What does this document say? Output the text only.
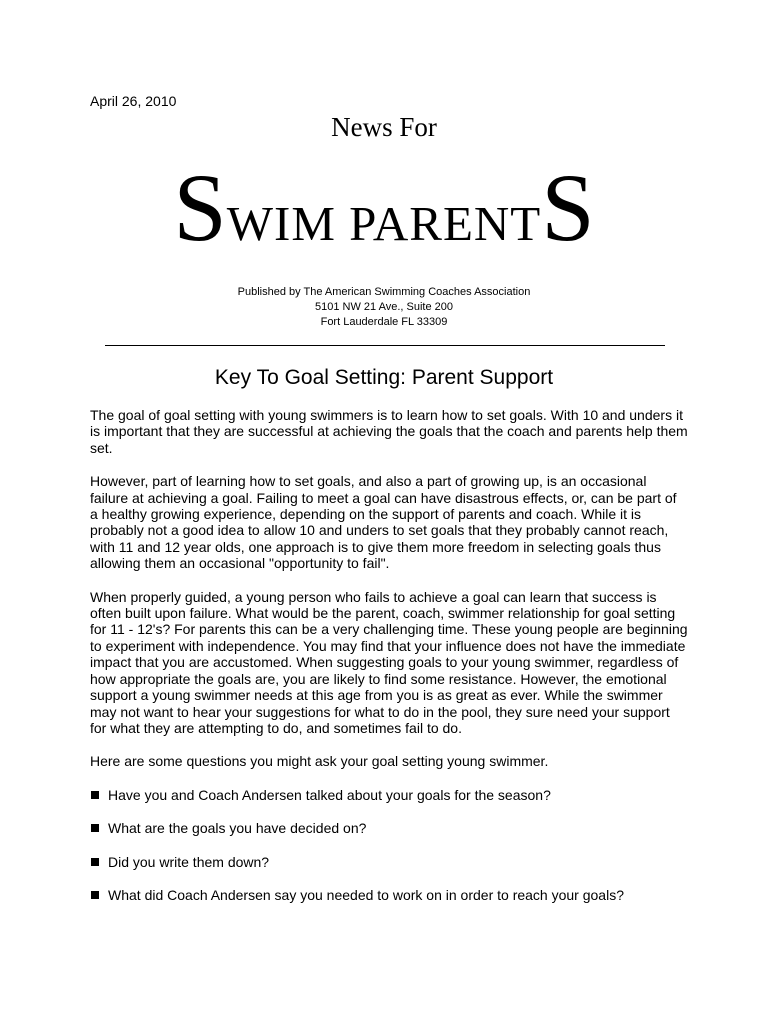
April 26, 2010
News For
SWIM PARENTS
Published by The American Swimming Coaches Association
5101 NW 21 Ave., Suite 200
Fort Lauderdale FL 33309
Key To Goal Setting: Parent Support

The goal of goal setting with young swimmers is to learn how to set goals. With 10 and unders it is important that they are successful at achieving the goals that the coach and parents help them set.

However, part of learning how to set goals, and also a part of growing up, is an occasional failure at achieving a goal. Failing to meet a goal can have disastrous effects, or, can be part of a healthy growing experience, depending on the support of parents and coach. While it is probably not a good idea to allow 10 and unders to set goals that they probably cannot reach, with 11 and 12 year olds, one approach is to give them more freedom in selecting goals thus allowing them an occasional "opportunity to fail".

When properly guided, a young person who fails to achieve a goal can learn that success is often built upon failure. What would be the parent, coach, swimmer relationship for goal setting for 11 - 12's? For parents this can be a very challenging time. These young people are beginning to experiment with independence. You may find that your influence does not have the immediate impact that you are accustomed. When suggesting goals to your young swimmer, regardless of how appropriate the goals are, you are likely to find some resistance. However, the emotional support a young swimmer needs at this age from you is as great as ever. While the swimmer may not want to hear your suggestions for what to do in the pool, they sure need your support for what they are attempting to do, and sometimes fail to do.

Here are some questions you might ask your goal setting young swimmer.

Have you and Coach Andersen talked about your goals for the season?
What are the goals you have decided on?
Did you write them down?
What did Coach Andersen say you needed to work on in order to reach your goals?
